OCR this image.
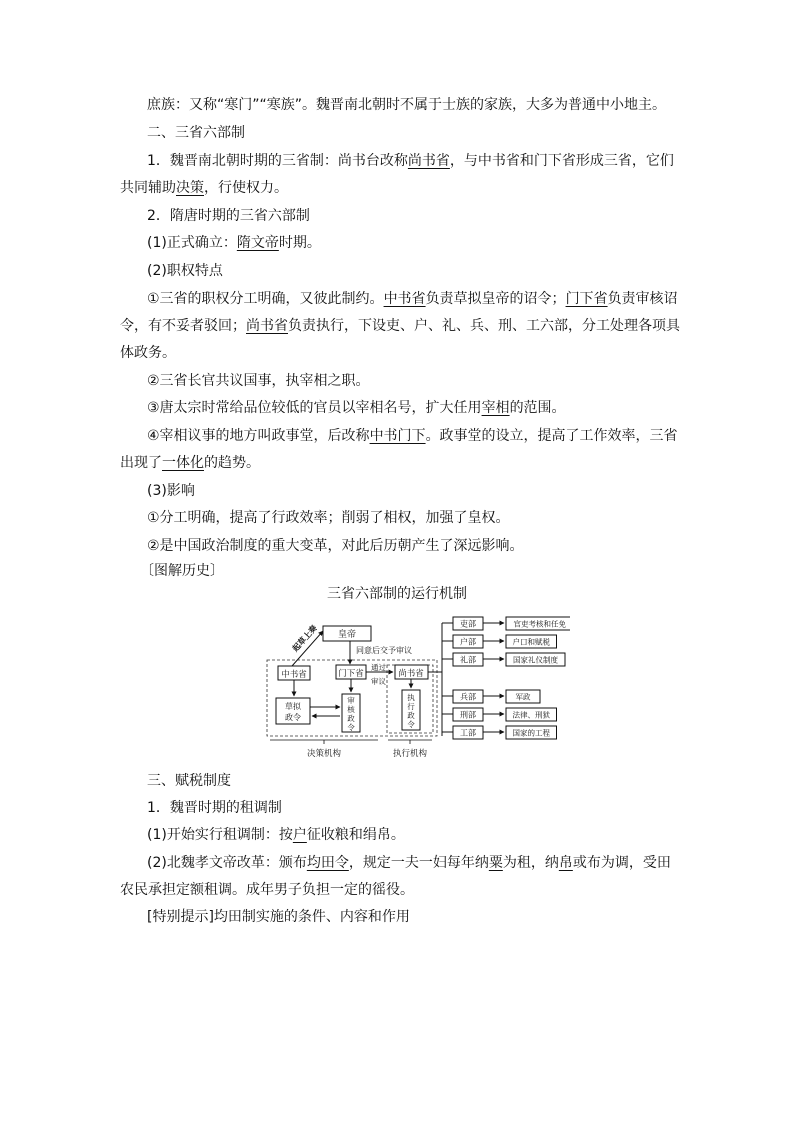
庶族：又称“寒门”“寒族”。魏晋南北朝时不属于士族的家族，大多为普通中小地主。
二、三省六部制
1．魏晋南北朝时期的三省制：尚书台改称尚书省，与中书省和门下省形成三省，它们
共同辅助决策，行使权力。
2．隋唐时期的三省六部制
(1)正式确立：隋文帝时期。
(2)职权特点
①三省的职权分工明确，又彼此制约。中书省负责草拟皇帝的诏令；门下省负责审核诏
令，有不妥者驳回；尚书省负责执行，下设吏、户、礼、兵、刑、工六部，分工处理各项具
体政务。
②三省长官共议国事，执宰相之职。
③唐太宗时常给品位较低的官员以宰相名号，扩大任用宰相的范围。
④宰相议事的地方叫政事堂，后改称中书门下。政事堂的设立，提高了工作效率，三省
出现了一体化的趋势。
(3)影响
①分工明确，提高了行政效率；削弱了相权，加强了皇权。
②是中国政治制度的重大变革，对此后历朝产生了深远影响。
〔图解历史〕
三省六部制的运行机制
皇帝
起草上奏	同意后交予审议
中书省	门下省	尚书省
通过
审议
草拟
政令
审
核
政
令
执
行
政
令
决策机构	执行机构
吏部	官吏考核和任免
户部	户口和赋税
礼部	国家礼仪制度
兵部	军政
刑部	法律、刑狱
工部	国家的工程
三、赋税制度
1．魏晋时期的租调制
(1)开始实行租调制：按户征收粮和绢帛。
(2)北魏孝文帝改革：颁布均田令，规定一夫一妇每年纳粟为租，纳帛或布为调，受田
农民承担定额租调。成年男子负担一定的徭役。
[特别提示]均田制实施的条件、内容和作用
